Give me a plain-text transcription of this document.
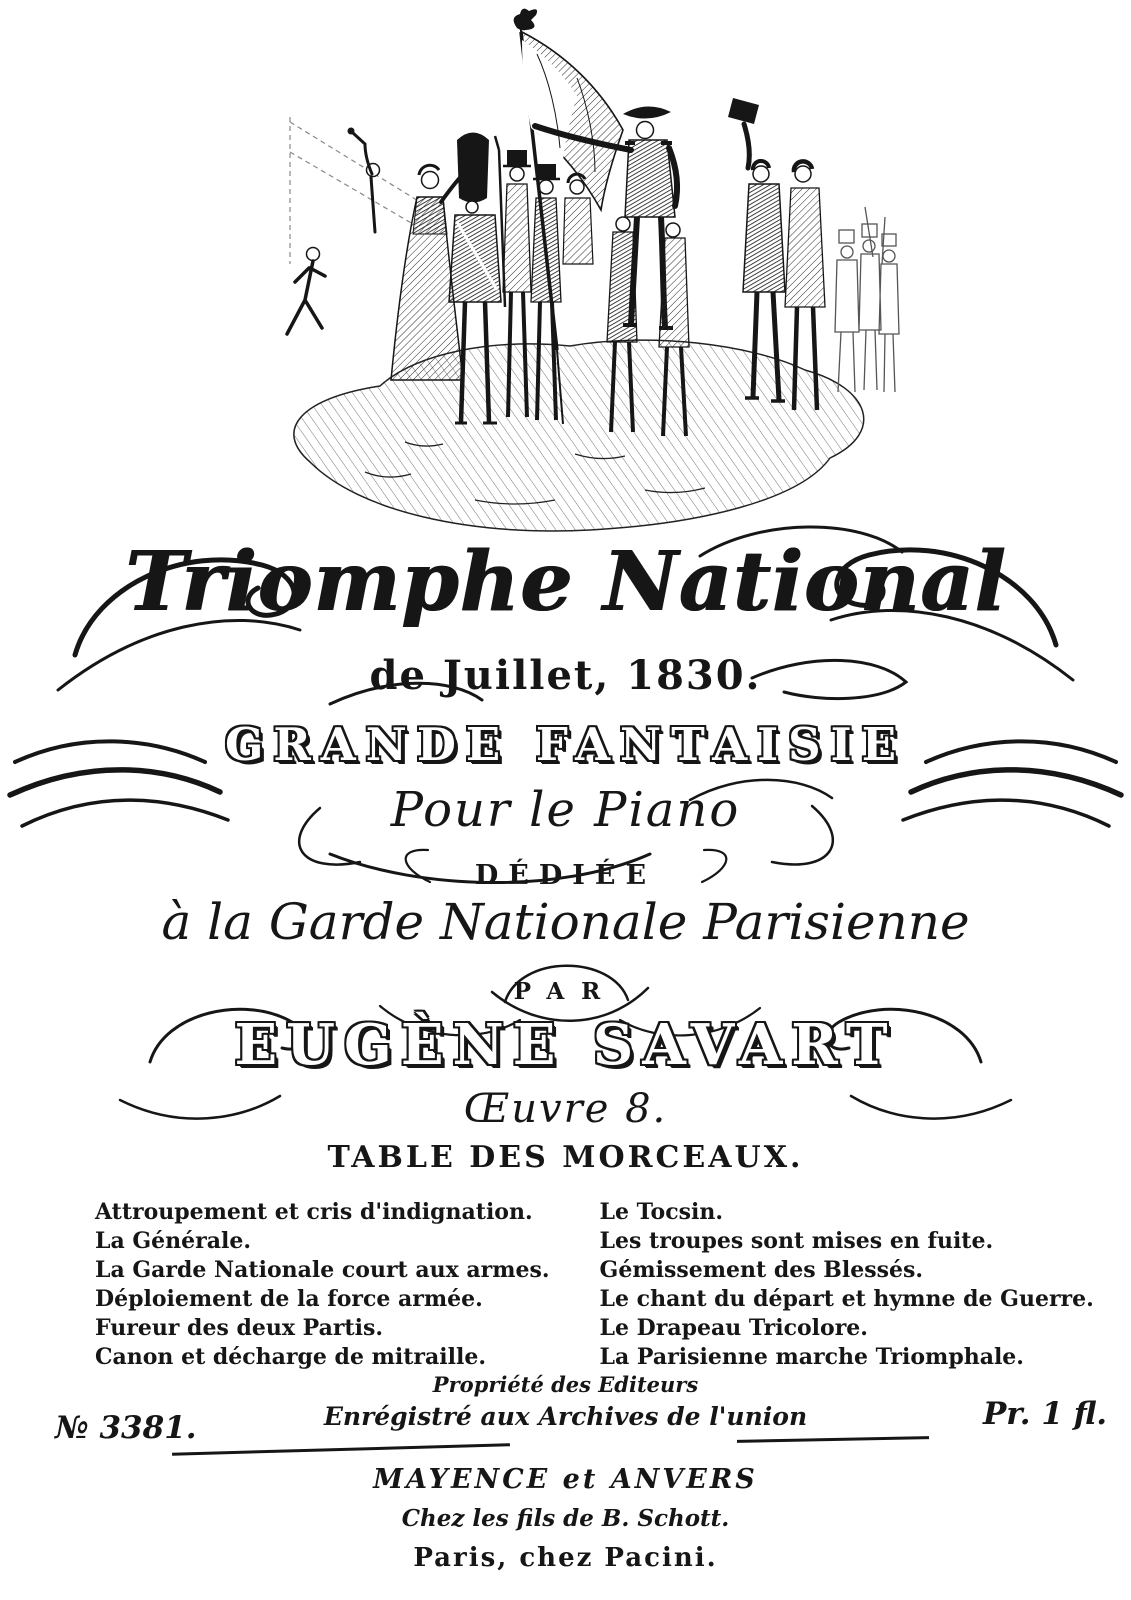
Triomphe National
de Juillet, 1830.
GRANDE FANTAISIE
Pour le Piano
DÉDIÉE
à la Garde Nationale Parisienne
PAR
EUGÈNE SAVART
Œuvre 8.
TABLE DES MORCEAUX.
Attroupement et cris d'indignation.
La Générale.
La Garde Nationale court aux armes.
Déploiement de la force armée.
Fureur des deux Partis.
Canon et décharge de mitraille.
Le Tocsin.
Les troupes sont mises en fuite.
Gémissement des Blessés.
Le chant du départ et hymne de Guerre.
Le Drapeau Tricolore.
La Parisienne marche Triomphale.
Propriété des Editeurs
№ 3381.	Enrégistré aux Archives de l'union	Pr. 1 fl.
MAYENCE et ANVERS
Chez les fils de B. Schott.
Paris, chez Pacini.
